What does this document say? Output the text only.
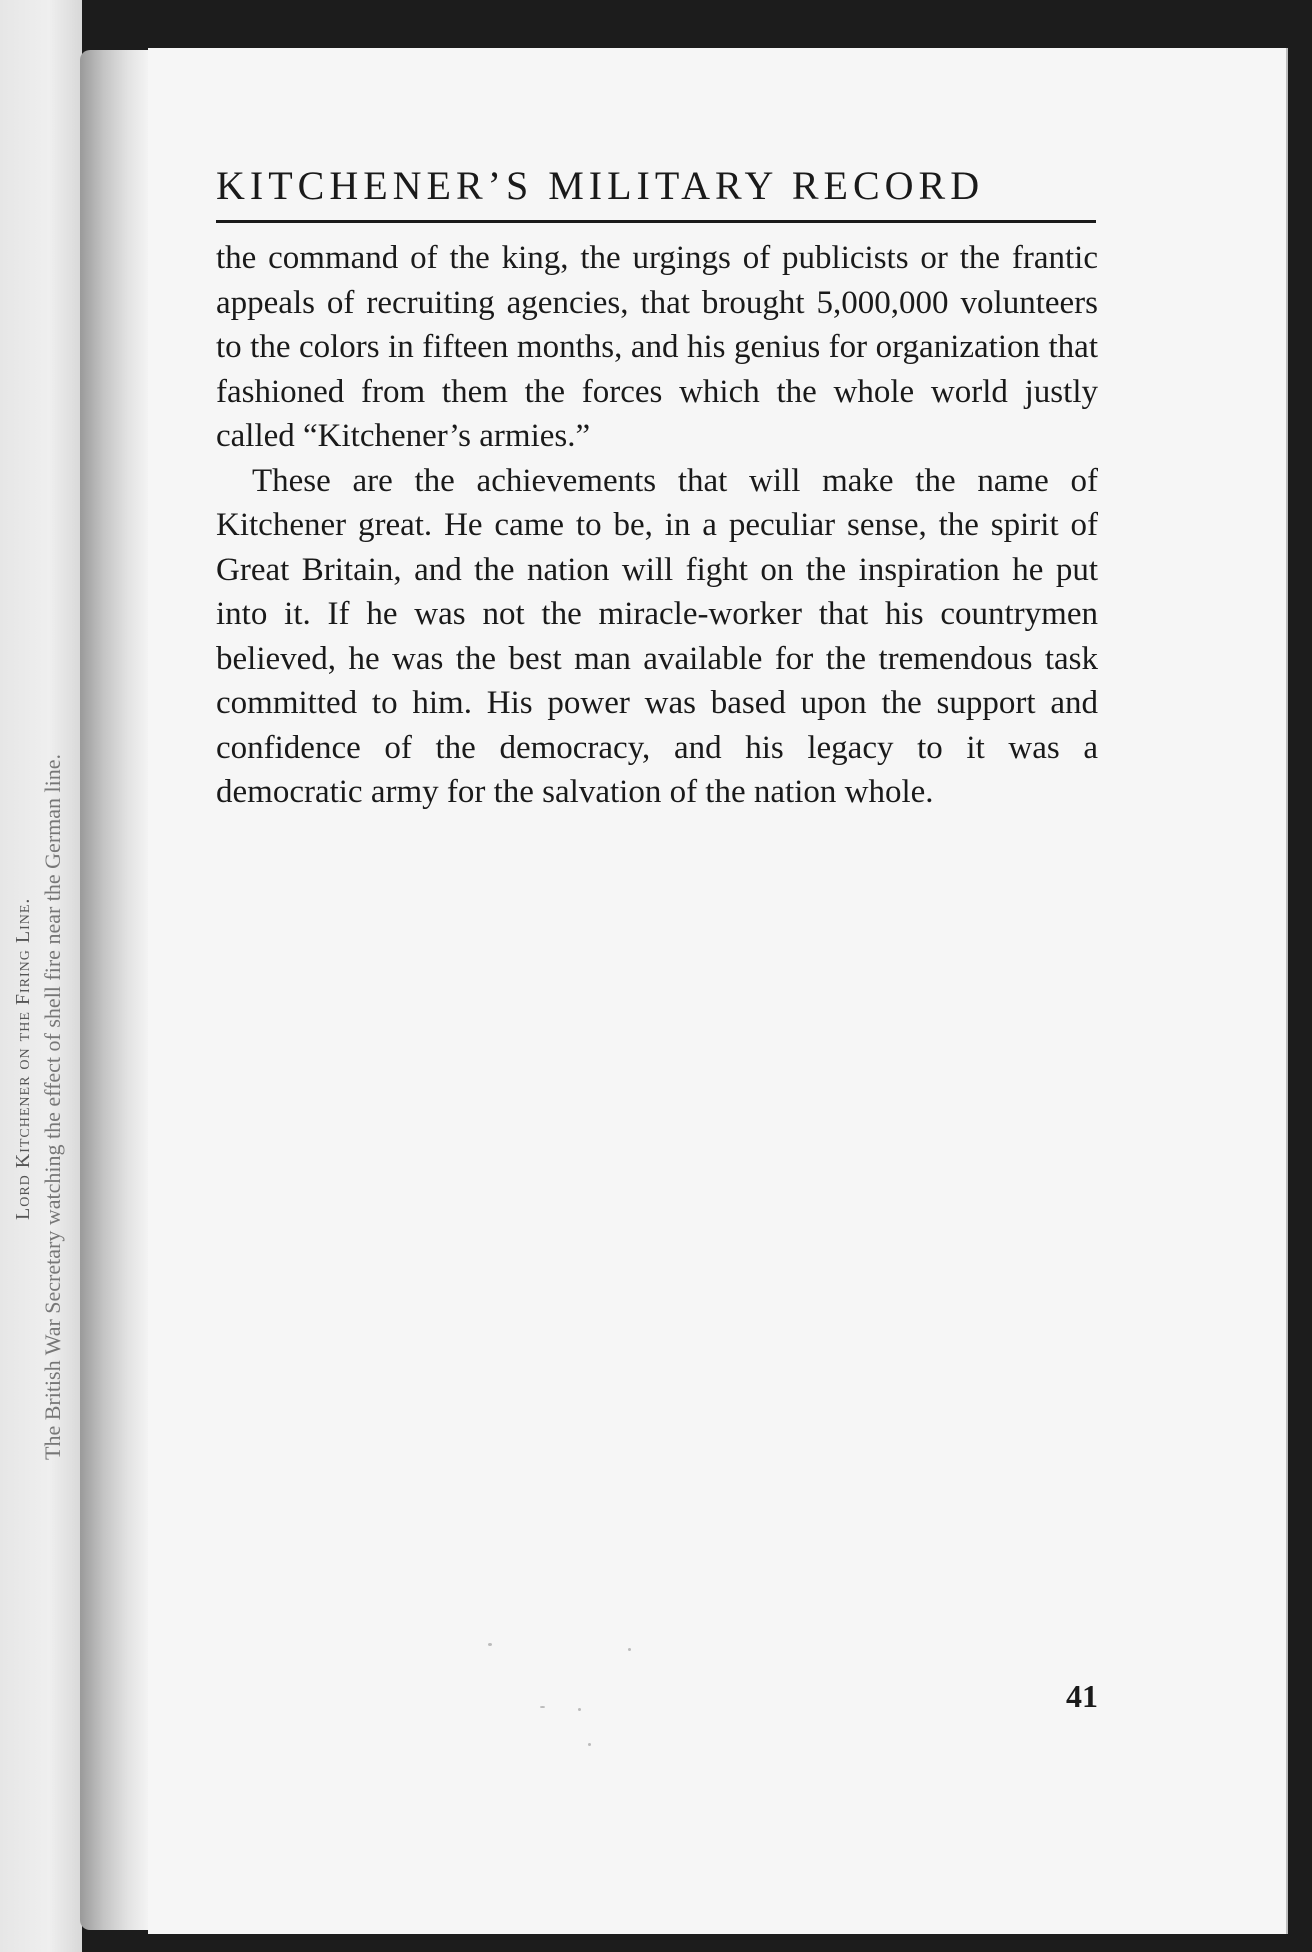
Lord Kitchener on the Firing Line. The British War Secretary watching the effect of shell fire near the German line.
KITCHENER’S MILITARY RECORD

the command of the king, the urgings of publicists or the frantic appeals of recruiting agencies, that brought 5,000,000 volunteers to the colors in fifteen months, and his genius for organization that fashioned from them the forces which the whole world justly called “Kitchener’s armies.”

These are the achievements that will make the name of Kitchener great. He came to be, in a peculiar sense, the spirit of Great Britain, and the nation will fight on the inspiration he put into it. If he was not the miracle-worker that his countrymen believed, he was the best man available for the tremendous task committed to him. His power was based upon the support and confidence of the democracy, and his legacy to it was a democratic army for the salvation of the nation whole.

41
